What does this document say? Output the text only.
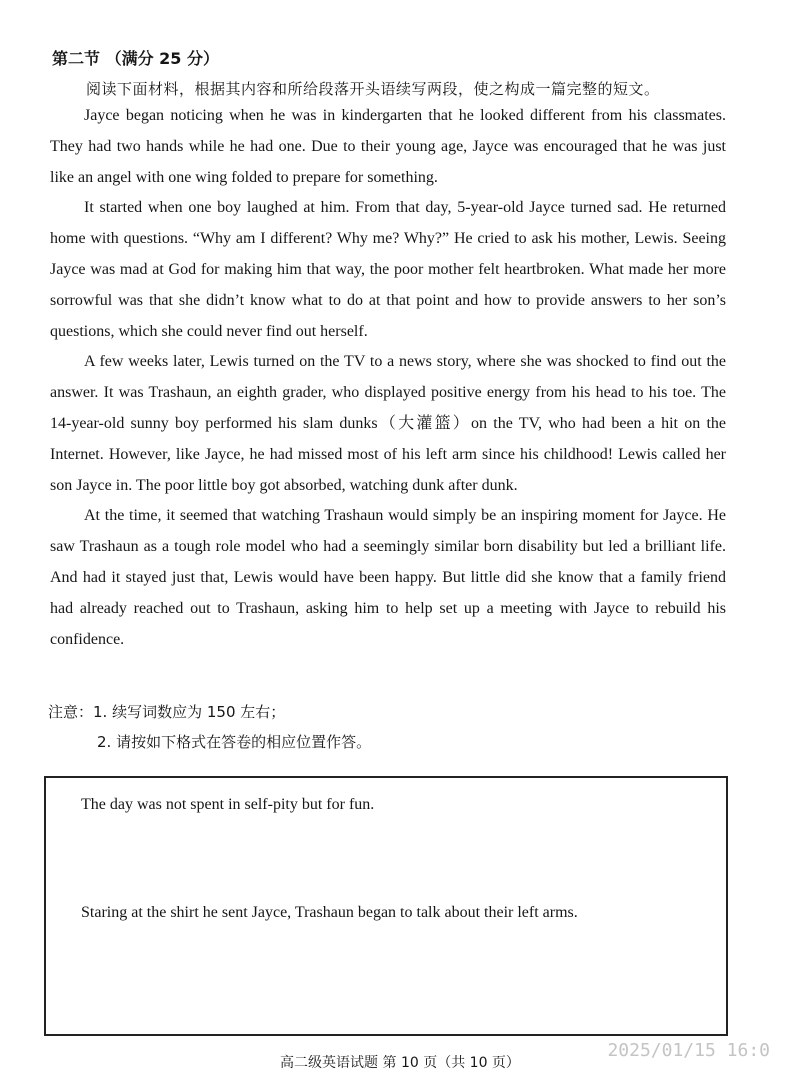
第二节 （满分 25 分）
阅读下面材料，根据其内容和所给段落开头语续写两段，使之构成一篇完整的短文。

Jayce began noticing when he was in kindergarten that he looked different from his classmates. They had two hands while he had one. Due to their young age, Jayce was encouraged that he was just like an angel with one wing folded to prepare for something.

It started when one boy laughed at him. From that day, 5-year-old Jayce turned sad. He returned home with questions. “Why am I different? Why me? Why?” He cried to ask his mother, Lewis. Seeing Jayce was mad at God for making him that way, the poor mother felt heartbroken. What made her more sorrowful was that she didn’t know what to do at that point and how to provide answers to her son’s questions, which she could never find out herself.

A few weeks later, Lewis turned on the TV to a news story, where she was shocked to find out the answer. It was Trashaun, an eighth grader, who displayed positive energy from his head to his toe. The 14-year-old sunny boy performed his slam dunks（大灌篮）on the TV, who had been a hit on the Internet. However, like Jayce, he had missed most of his left arm since his childhood! Lewis called her son Jayce in. The poor little boy got absorbed, watching dunk after dunk.

At the time, it seemed that watching Trashaun would simply be an inspiring moment for Jayce. He saw Trashaun as a tough role model who had a seemingly similar born disability but led a brilliant life. And had it stayed just that, Lewis would have been happy. But little did she know that a family friend had already reached out to Trashaun, asking him to help set up a meeting with Jayce to rebuild his confidence.

注意：1. 续写词数应为 150 左右；
2. 请按如下格式在答卷的相应位置作答。
The day was not spent in self-pity but for fun.
Staring at the shirt he sent Jayce, Trashaun began to talk about their left arms.
高二级英语试题 第 10 页（共 10 页）
2025/01/15 16:0
